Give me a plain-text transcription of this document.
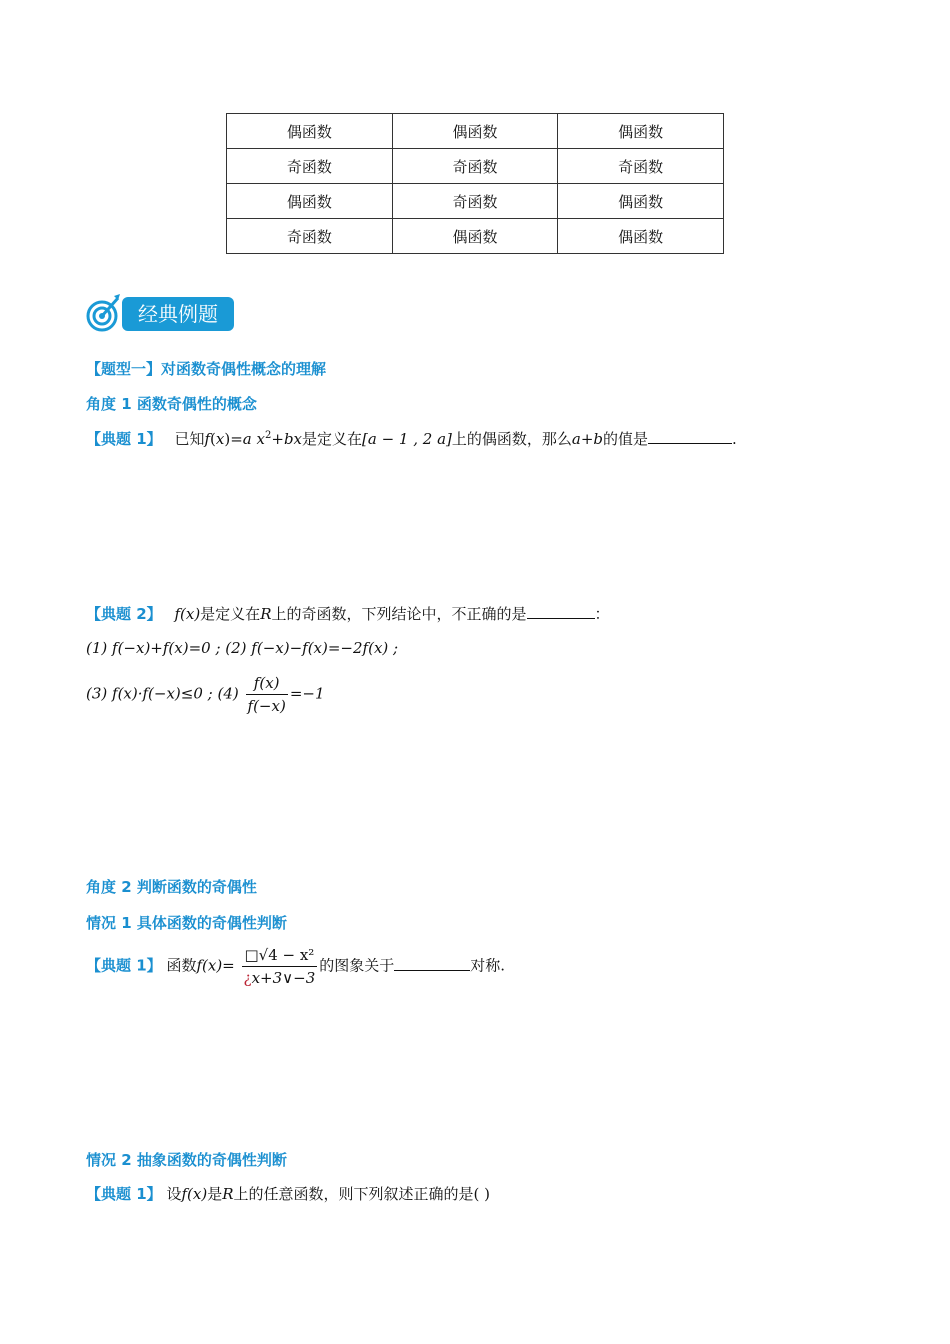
偶函数	偶函数	偶函数
奇函数	奇函数	奇函数
偶函数	奇函数	偶函数
奇函数	偶函数	偶函数
经典例题
【题型一】对函数奇偶性概念的理解
角度 1 函数奇偶性的概念
【典题 1】 已知f(x)=a $x^2+bx$是定义在[a − 1 , 2 a]上的偶函数，那么a+b的值是	.
【典题 2】 f(x)是定义在R上的奇函数，下列结论中，不正确的是	：
(1) f(−x)+f(x)=0 ; (2) f(−x)−f(x)=−2f(x) ;
(3) f(x)·f(−x)≤0 ; $(4) \frac{f(x)}{f(-x)} =-1$
角度 2 判断函数的奇偶性
情况 1 具体函数的奇偶性判断
【典题 1】 函数$f(x)= \frac{\text{□√4 − x²}}{¿x+3\vee-3}$ 的图象关于	对称.
情况 2 抽象函数的奇偶性判断
【典题 1】 设f(x)是R上的任意函数，则下列叙述正确的是( )
